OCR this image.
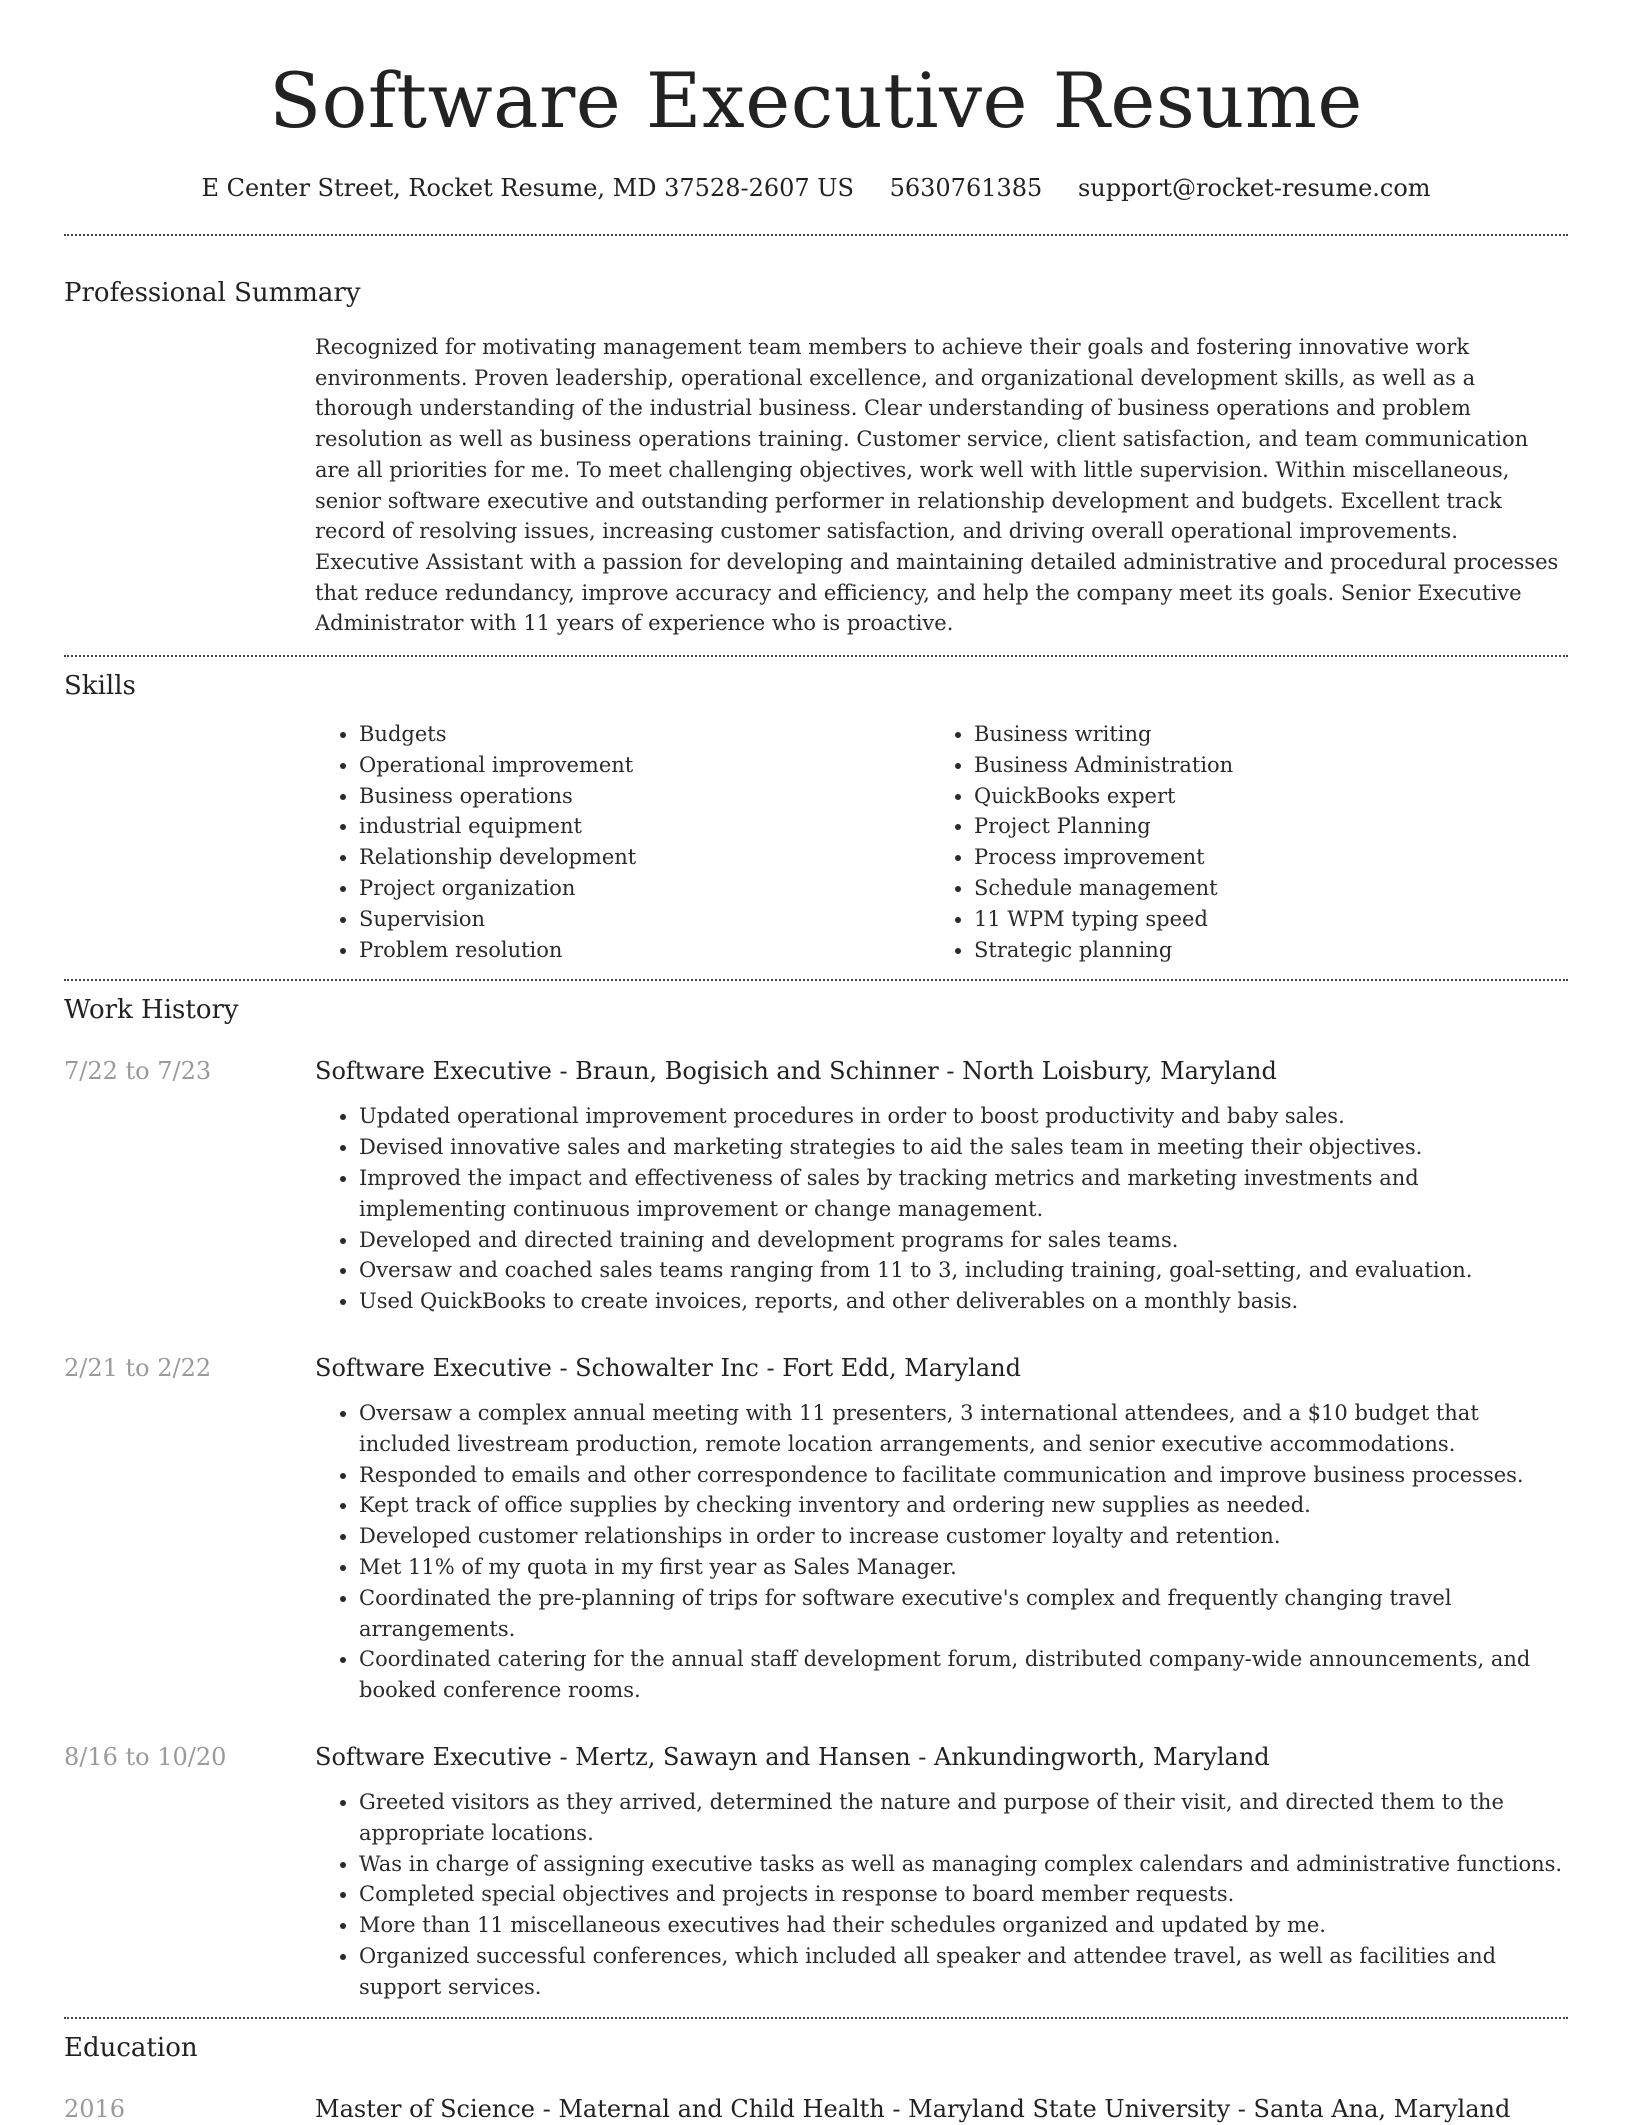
Software Executive Resume
E Center Street, Rocket Resume, MD 37528-2607 US 5630761385 support@rocket-resume.com
Professional Summary

Recognized for motivating management team members to achieve their goals and fostering innovative work environments. Proven leadership, operational excellence, and organizational development skills, as well as a thorough understanding of the industrial business. Clear understanding of business operations and problem resolution as well as business operations training. Customer service, client satisfaction, and team communication are all priorities for me. To meet challenging objectives, work well with little supervision. Within miscellaneous, senior software executive and outstanding performer in relationship development and budgets. Excellent track record of resolving issues, increasing customer satisfaction, and driving overall operational improvements. Executive Assistant with a passion for developing and maintaining detailed administrative and procedural processes that reduce redundancy, improve accuracy and efficiency, and help the company meet its goals. Senior Executive Administrator with 11 years of experience who is proactive.

Skills
• Budgets
• Operational improvement
• Business operations
• industrial equipment
• Relationship development
• Project organization
• Supervision
• Problem resolution
• Business writing
• Business Administration
• QuickBooks expert
• Project Planning
• Process improvement
• Schedule management
• 11 WPM typing speed
• Strategic planning
Work History
7/22 to 7/23	Software Executive - Braun, Bogisich and Schinner - North Loisbury, Maryland
• Updated operational improvement procedures in order to boost productivity and baby sales.
• Devised innovative sales and marketing strategies to aid the sales team in meeting their objectives.
• Improved the impact and effectiveness of sales by tracking metrics and marketing investments and implementing continuous improvement or change management.
• Developed and directed training and development programs for sales teams.
• Oversaw and coached sales teams ranging from 11 to 3, including training, goal-setting, and evaluation.
• Used QuickBooks to create invoices, reports, and other deliverables on a monthly basis.
2/21 to 2/22	Software Executive - Schowalter Inc - Fort Edd, Maryland
• Oversaw a complex annual meeting with 11 presenters, 3 international attendees, and a $10 budget that included livestream production, remote location arrangements, and senior executive accommodations.
• Responded to emails and other correspondence to facilitate communication and improve business processes.
• Kept track of office supplies by checking inventory and ordering new supplies as needed.
• Developed customer relationships in order to increase customer loyalty and retention.
• Met 11% of my quota in my first year as Sales Manager.
• Coordinated the pre-planning of trips for software executive's complex and frequently changing travel arrangements.
• Coordinated catering for the annual staff development forum, distributed company-wide announcements, and booked conference rooms.
8/16 to 10/20	Software Executive - Mertz, Sawayn and Hansen - Ankundingworth, Maryland
• Greeted visitors as they arrived, determined the nature and purpose of their visit, and directed them to the appropriate locations.
• Was in charge of assigning executive tasks as well as managing complex calendars and administrative functions.
• Completed special objectives and projects in response to board member requests.
• More than 11 miscellaneous executives had their schedules organized and updated by me.
• Organized successful conferences, which included all speaker and attendee travel, as well as facilities and support services.
Education
2016	Master of Science - Maternal and Child Health - Maryland State University - Santa Ana, Maryland
